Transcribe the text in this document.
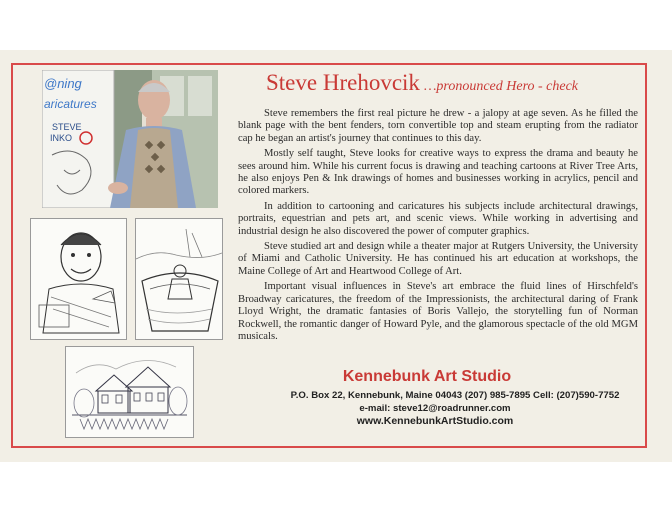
@ning
aricatures
STEVE
INKO
Steve Hrehovcik …pronounced Hero - check

Steve remembers the first real picture he drew - a jalopy at age seven. As he filled the blank page with the bent fenders, torn convertible top and steam erupting from the radiator cap he began an artist's journey that continues to this day.

Mostly self taught, Steve looks for creative ways to express the drama and beauty he sees around him. While his current focus is drawing and teaching cartoons at River Tree Arts, he also enjoys Pen & Ink drawings of homes and businesses working in acrylics, pencil and colored markers.

In addition to cartooning and caricatures his subjects include architectural drawings, portraits, equestrian and pets art, and scenic views. While working in advertising and industrial design he also discovered the power of computer graphics.

Steve studied art and design while a theater major at Rutgers University, the University of Miami and Catholic University. He has continued his art education at workshops, the Maine College of Art and Heartwood College of Art.

Important visual influences in Steve's art embrace the fluid lines of Hirschfeld's Broadway caricatures, the freedom of the Impressionists, the architectural daring of Frank Lloyd Wright, the dramatic fantasies of Boris Vallejo, the storytelling fun of Norman Rockwell, the romantic danger of Howard Pyle, and the glamorous spectacle of the old MGM musicals.

Kennebunk Art Studio
P.O. Box 22, Kennebunk, Maine 04043 (207) 985-7895 Cell: (207)590-7752
e-mail: steve12@roadrunner.com
www.KennebunkArtStudio.com
